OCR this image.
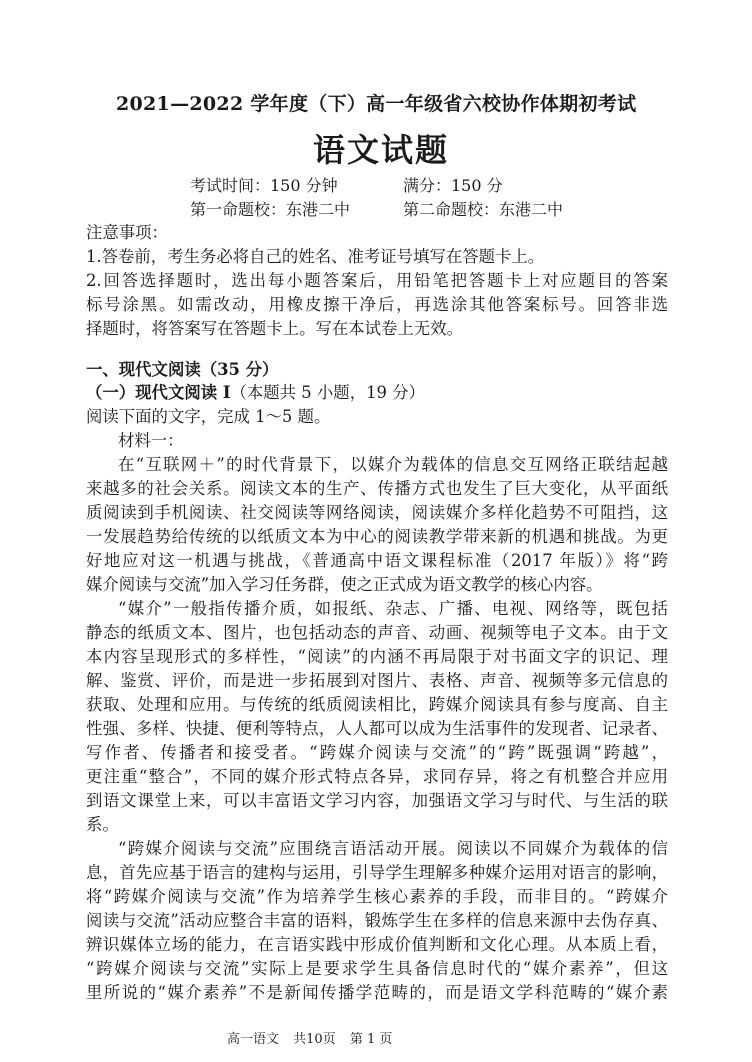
2021—2022 学年度（下）高一年级省六校协作体期初考试
语文试题
考试时间：150 分钟	满分：150 分
第一命题校：东港二中	第二命题校：东港二中
注意事项：
1.答卷前，考生务必将自己的姓名、准考证号填写在答题卡上。
2.回答选择题时，选出每小题答案后，用铅笔把答题卡上对应题目的答案
标号涂黑。如需改动，用橡皮擦干净后，再选涂其他答案标号。回答非选
择题时，将答案写在答题卡上。写在本试卷上无效。
一、现代文阅读（35 分）
（一）现代文阅读 I（本题共 5 小题，19 分）
阅读下面的文字，完成 1～5 题。
材料一：
在“互联网＋”的时代背景下，以媒介为载体的信息交互网络正联结起越
来越多的社会关系。阅读文本的生产、传播方式也发生了巨大变化，从平面纸
质阅读到手机阅读、社交阅读等网络阅读，阅读媒介多样化趋势不可阻挡，这
一发展趋势给传统的以纸质文本为中心的阅读教学带来新的机遇和挑战。为更
好地应对这一机遇与挑战，《普通高中语文课程标准（2017 年版）》将“跨
媒介阅读与交流”加入学习任务群，使之正式成为语文教学的核心内容。
“媒介”一般指传播介质，如报纸、杂志、广播、电视、网络等，既包括
静态的纸质文本、图片，也包括动态的声音、动画、视频等电子文本。由于文
本内容呈现形式的多样性，“阅读”的内涵不再局限于对书面文字的识记、理
解、鉴赏、评价，而是进一步拓展到对图片、表格、声音、视频等多元信息的
获取、处理和应用。与传统的纸质阅读相比，跨媒介阅读具有参与度高、自主
性强、多样、快捷、便利等特点，人人都可以成为生活事件的发现者、记录者、
写作者、传播者和接受者。“跨媒介阅读与交流”的“跨”既强调“跨越”，
更注重“整合”，不同的媒介形式特点各异，求同存异，将之有机整合并应用
到语文课堂上来，可以丰富语文学习内容，加强语文学习与时代、与生活的联
系。
“跨媒介阅读与交流”应围绕言语活动开展。阅读以不同媒介为载体的信
息，首先应基于语言的建构与运用，引导学生理解多种媒介运用对语言的影响，
将“跨媒介阅读与交流”作为培养学生核心素养的手段，而非目的。“跨媒介
阅读与交流”活动应整合丰富的语料，锻炼学生在多样的信息来源中去伪存真、
辨识媒体立场的能力，在言语实践中形成价值判断和文化心理。从本质上看，
“跨媒介阅读与交流”实际上是要求学生具备信息时代的“媒介素养”，但这
里所说的“媒介素养”不是新闻传播学范畴的，而是语文学科范畴的“媒介素
高一语文 共10页 第 1 页
